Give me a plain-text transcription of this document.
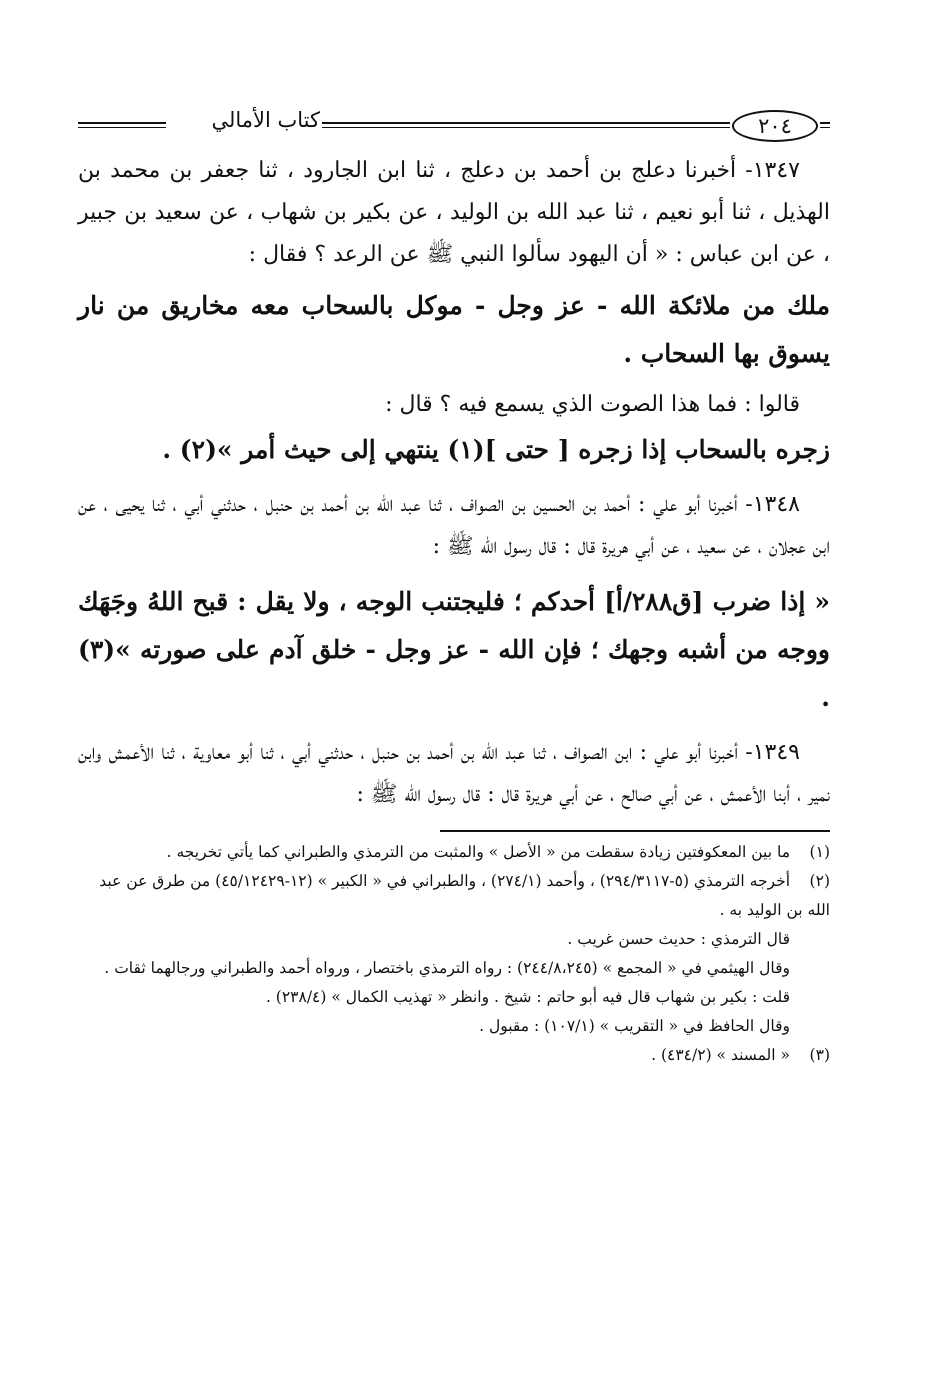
٢٠٤
كتاب الأمالي

١٣٤٧- أخبرنا دعلج بن أحمد بن دعلج ، ثنا ابن الجارود ، ثنا جعفر بن محمد بن الهذيل ، ثنا أبو نعيم ، ثنا عبد الله بن الوليد ، عن بكير بن شهاب ، عن سعيد بن جبير ، عن ابن عباس : « أن اليهود سألوا النبي ﷺ عن الرعد ؟ فقال :

ملك من ملائكة الله - عز وجل - موكل بالسحاب معه مخاريق من نار يسوق بها السحاب .

قالوا : فما هذا الصوت الذي يسمع فيه ؟ قال :

زجره بالسحاب إذا زجره [ حتى ](١) ينتهي إلى حيث أمر »(٢) .

١٣٤٨- أخبرنا أبو علي : أحمد بن الحسين بن الصواف ، ثنا عبد الله بن أحمد بن حنبل ، حدثني أبي ، ثنا يحيى ، عن ابن عجلان ، عن سعيد ، عن أبي هريرة قال : قال رسول الله ﷺ :

« إذا ضرب [ق٢٨٨/أ] أحدكم ؛ فليجتنب الوجه ، ولا يقل : قبح اللهُ وجَهَك ووجه من أشبه وجهك ؛ فإن الله - عز وجل - خلق آدم على صورته »(٣) .

١٣٤٩- أخبرنا أبو علي : ابن الصواف ، ثنا عبد الله بن أحمد بن حنبل ، حدثني أبي ، ثنا أبو معاوية ، ثنا الأعمش وابن نمير ، أبنا الأعمش ، عن أبي صالح ، عن أبي هريرة قال : قال رسول الله ﷺ :

(١)ما بين المعكوفتين زيادة سقطت من « الأصل » والمثبت من الترمذي والطبراني كما يأتي تخريجه .

(٢)أخرجه الترمذي (٥-٢٩٤/٣١١٧) ، وأحمد (٢٧٤/١) ، والطبراني في « الكبير » (١٢-٤٥/١٢٤٢٩) من طرق عن عبد الله بن الوليد به .

قال الترمذي : حديث حسن غريب .

وقال الهيثمي في « المجمع » (٢٤٤/٨،٢٤٥) : رواه الترمذي باختصار ، ورواه أحمد والطبراني ورجالهما ثقات .

قلت : بكير بن شهاب قال فيه أبو حاتم : شيخ . وانظر « تهذيب الكمال » (٢٣٨/٤) .

وقال الحافظ في « التقريب » (١٠٧/١) : مقبول .

(٣)« المسند » (٤٣٤/٢) .
